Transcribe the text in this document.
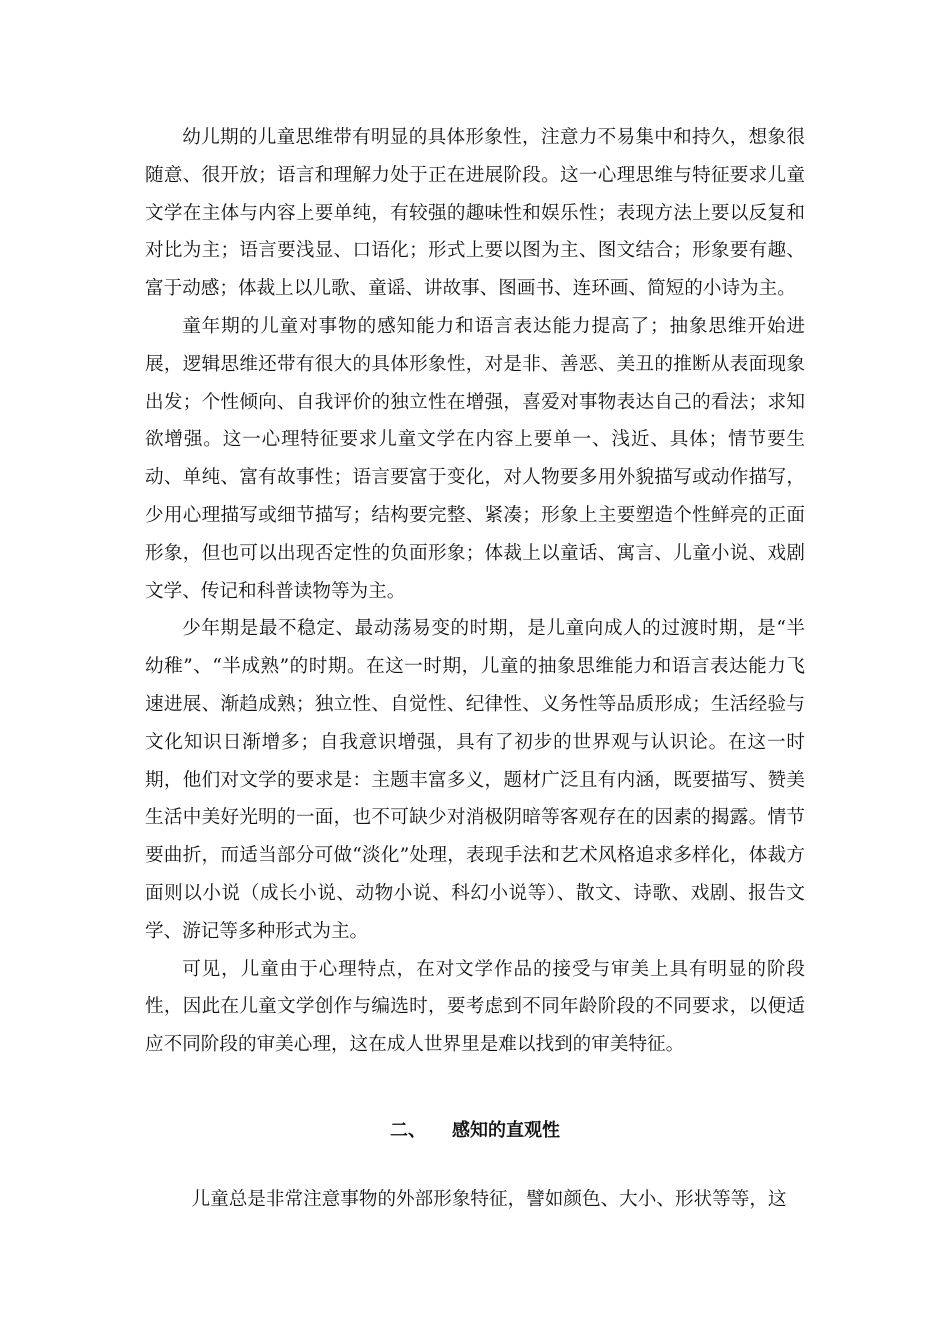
幼儿期的儿童思维带有明显的具体形象性，注意力不易集中和持久，想象很随意、很开放；语言和理解力处于正在进展阶段。这一心理思维与特征要求儿童文学在主体与内容上要单纯，有较强的趣味性和娱乐性；表现方法上要以反复和对比为主；语言要浅显、口语化；形式上要以图为主、图文结合；形象要有趣、富于动感；体裁上以儿歌、童谣、讲故事、图画书、连环画、简短的小诗为主。

童年期的儿童对事物的感知能力和语言表达能力提高了；抽象思维开始进展，逻辑思维还带有很大的具体形象性，对是非、善恶、美丑的推断从表面现象出发；个性倾向、自我评价的独立性在增强，喜爱对事物表达自己的看法；求知欲增强。这一心理特征要求儿童文学在内容上要单一、浅近、具体；情节要生动、单纯、富有故事性；语言要富于变化，对人物要多用外貌描写或动作描写，少用心理描写或细节描写；结构要完整、紧凑；形象上主要塑造个性鲜亮的正面形象，但也可以出现否定性的负面形象；体裁上以童话、寓言、儿童小说、戏剧文学、传记和科普读物等为主。

少年期是最不稳定、最动荡易变的时期，是儿童向成人的过渡时期，是“半幼稚”、“半成熟”的时期。在这一时期，儿童的抽象思维能力和语言表达能力飞速进展、渐趋成熟；独立性、自觉性、纪律性、义务性等品质形成；生活经验与文化知识日渐增多；自我意识增强，具有了初步的世界观与认识论。在这一时期，他们对文学的要求是：主题丰富多义，题材广泛且有内涵，既要描写、赞美生活中美好光明的一面，也不可缺少对消极阴暗等客观存在的因素的揭露。情节要曲折，而适当部分可做“淡化”处理，表现手法和艺术风格追求多样化，体裁方面则以小说（成长小说、动物小说、科幻小说等）、散文、诗歌、戏剧、报告文学、游记等多种形式为主。

可见，儿童由于心理特点，在对文学作品的接受与审美上具有明显的阶段性，因此在儿童文学创作与编选时，要考虑到不同年龄阶段的不同要求，以便适应不同阶段的审美心理，这在成人世界里是难以找到的审美特征。

二、 感知的直观性

儿童总是非常注意事物的外部形象特征，譬如颜色、大小、形状等等，这
